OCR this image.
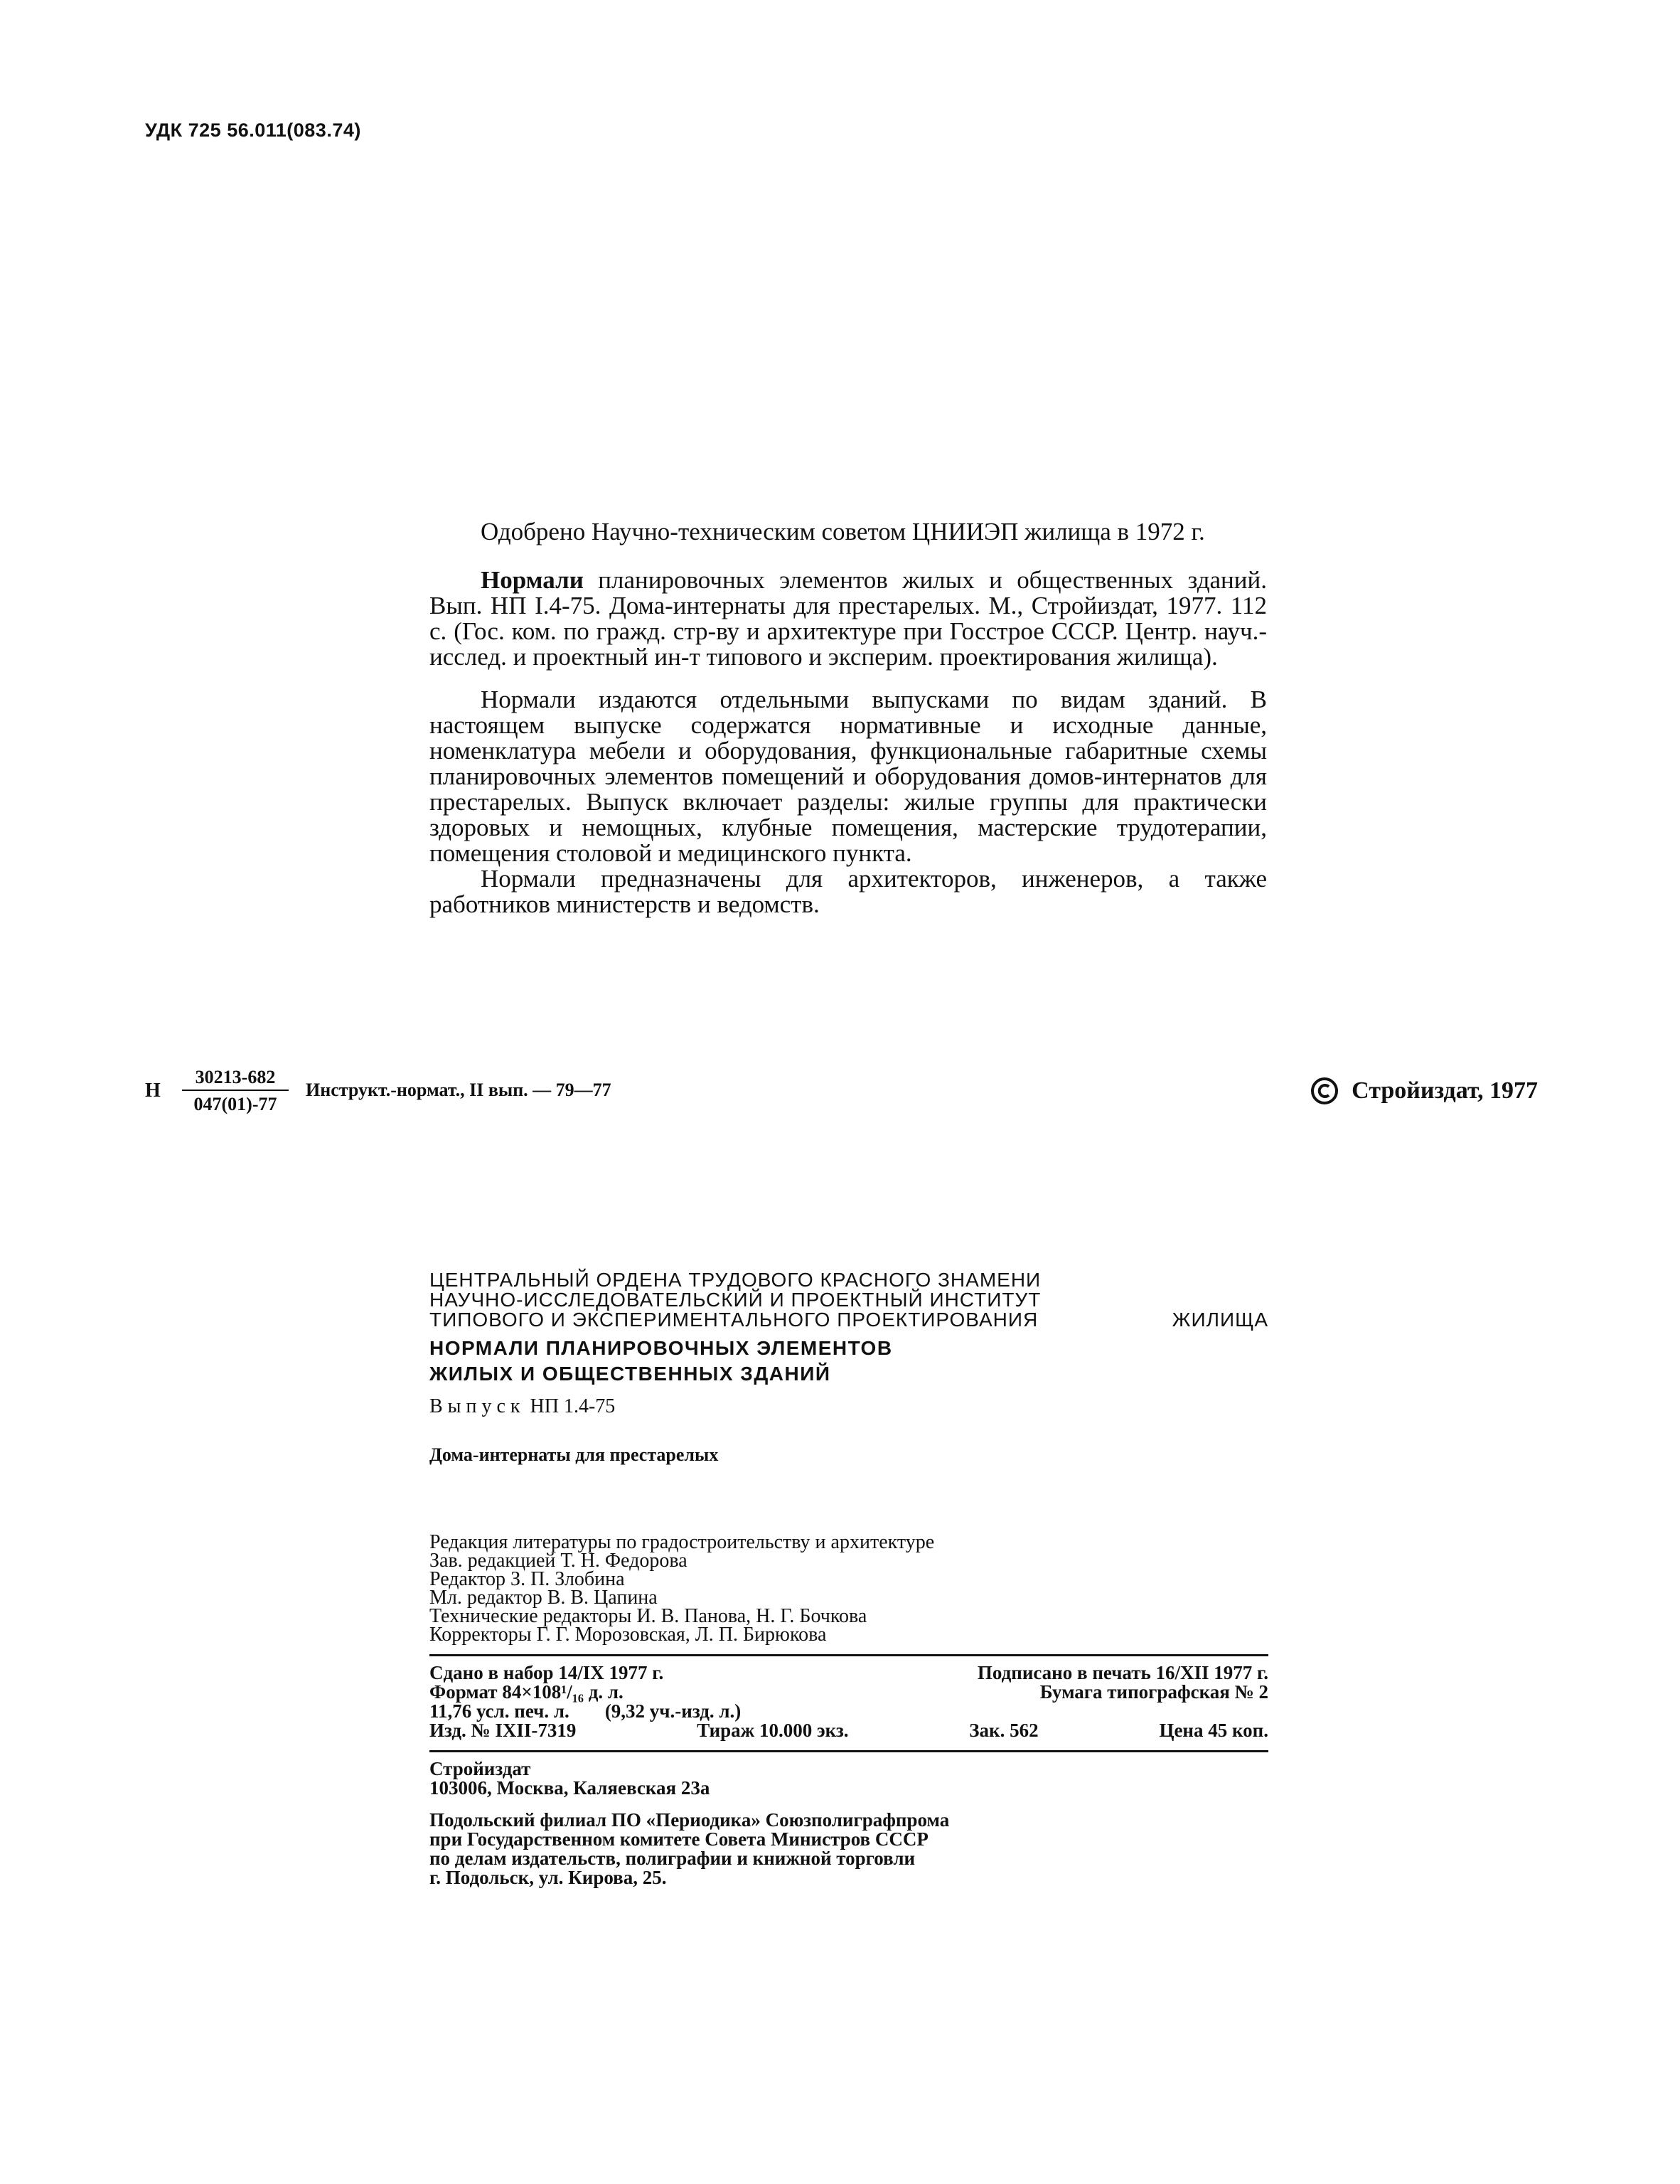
УДК 725 56.011(083.74)

Одобрено Научно-техническим советом ЦНИИЭП жилища в 1972 г.

Нормали планировочных элементов жилых и общественных зданий. Вып. НП I.4-75. Дома-интернаты для престарелых. М., Стройиздат, 1977. 112 с. (Гос. ком. по гражд. стр-ву и архитектуре при Госстрое СССР. Центр. науч.-исслед. и проектный ин-т типового и эксперим. проектирования жилища).

Нормали издаются отдельными выпусками по видам зданий. В настоящем выпуске содержатся нормативные и исходные данные, номенклатура мебели и оборудования, функциональные габаритные схемы планировочных элементов помещений и оборудования домов-интернатов для престарелых. Выпуск включает разделы: жилые группы для практически здоровых и немощных, клубные помещения, мастерские трудотерапии, помещения столовой и медицинского пункта.

Нормали предназначены для архитекторов, инженеров, а также работников министерств и ведомств.

Н $\frac{30213-682}{047(01)-77}$ Инструкт.-нормат., II вып. — 79—77	Стройиздат, 1977
ЦЕНТРАЛЬНЫЙ ОРДЕНА ТРУДОВОГО КРАСНОГО ЗНАМЕНИ
НАУЧНО-ИССЛЕДОВАТЕЛЬСКИЙ И ПРОЕКТНЫЙ ИНСТИТУТ
ТИПОВОГО И ЭКСПЕРИМЕНТАЛЬНОГО ПРОЕКТИРОВАНИЯ	ЖИЛИЩА
НОРМАЛИ ПЛАНИРОВОЧНЫХ ЭЛЕМЕНТОВ
ЖИЛЫХ И ОБЩЕСТВЕННЫХ ЗДАНИЙ
Выпуск НП 1.4-75
Дома-интернаты для престарелых
Редакция литературы по градостроительству и архитектуре
Зав. редакцией Т. Н. Федорова
Редактор З. П. Злобина
Мл. редактор В. В. Цапина
Технические редакторы И. В. Панова, Н. Г. Бочкова
Корректоры Г. Г. Морозовская, Л. П. Бирюкова
Сдано в набор 14/IX 1977 г.	Подписано в печать 16/XII 1977 г.
Формат 84×108¹/₁₆ д. л.	Бумага типографская № 2
11,76 усл. печ. л. (9,32 уч.-изд. л.)
Изд. № IXII-7319	Тираж 10.000 экз.	Зак. 562	Цена 45 коп.
Стройиздат
103006, Москва, Каляевская 23а
Подольский филиал ПО «Периодика» Союзполиграфпрома
при Государственном комитете Совета Министров СССР
по делам издательств, полиграфии и книжной торговли
г. Подольск, ул. Кирова, 25.
